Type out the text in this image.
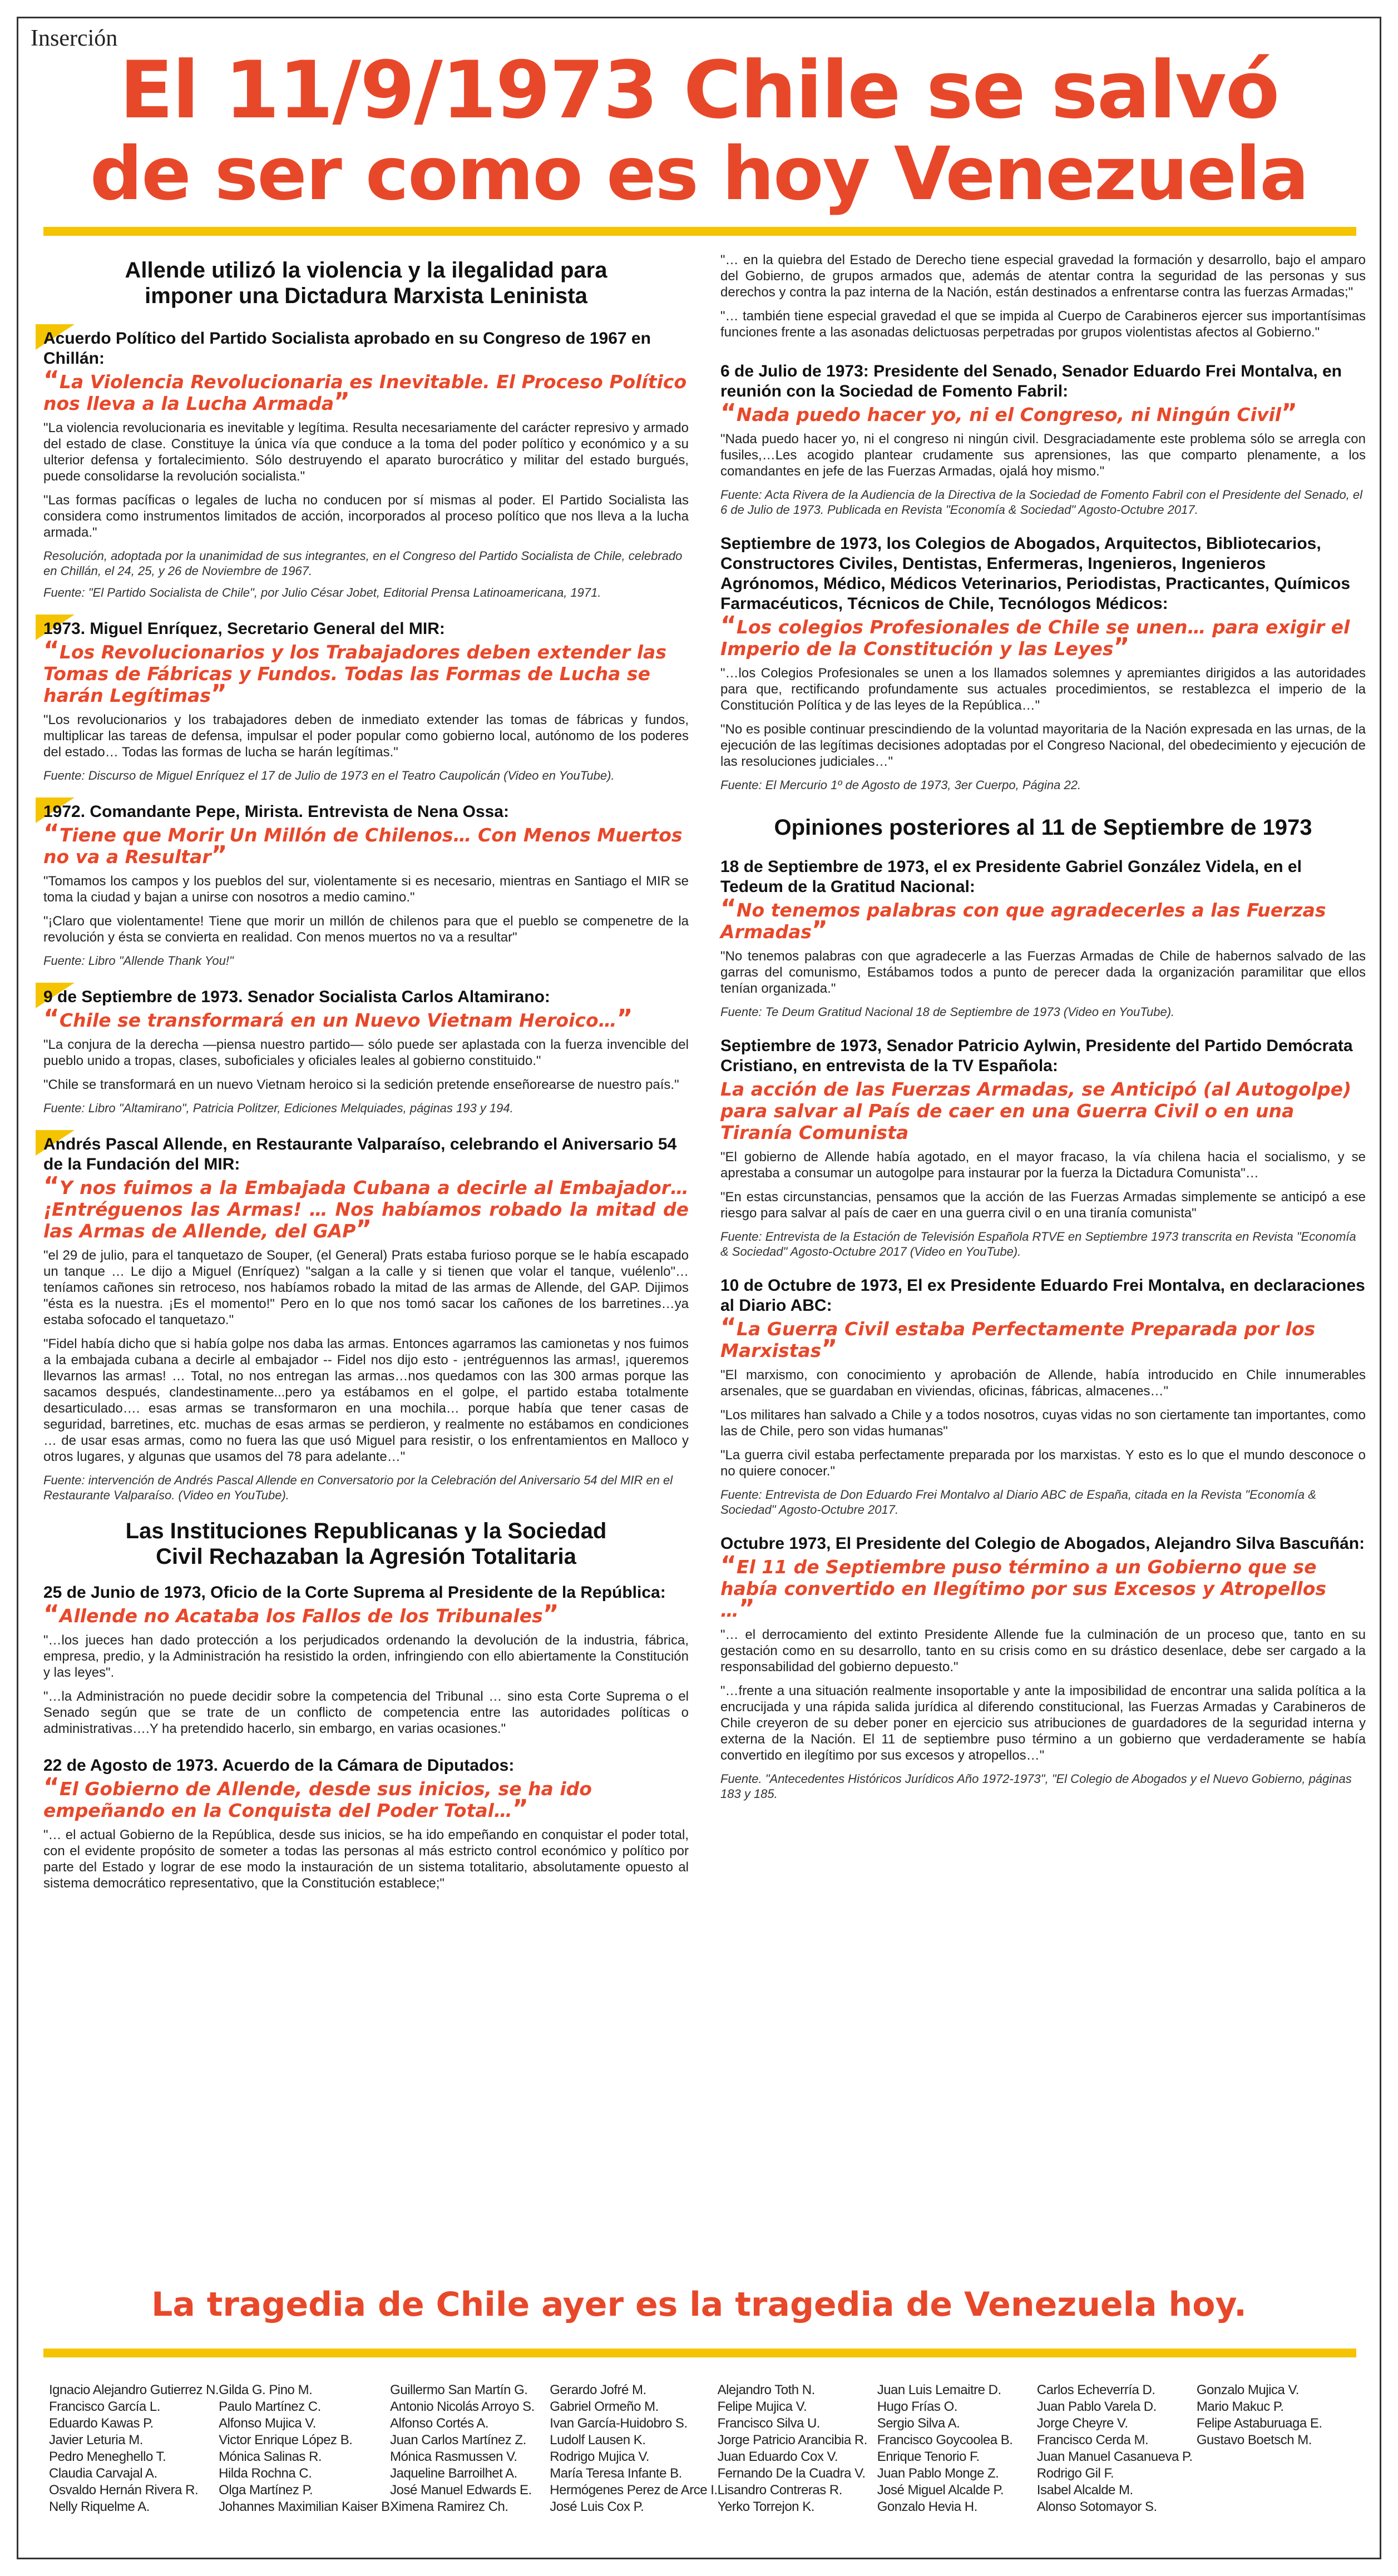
Inserción
El 11/9/1973 Chile se salvó
de ser como es hoy Venezuela
Allende utilizó la violencia y la ilegalidad para imponer una Dictadura Marxista Leninista
Acuerdo Político del Partido Socialista aprobado en su Congreso de 1967 en Chillán:
“La Violencia Revolucionaria es Inevitable. El Proceso Político nos lleva a la Lucha Armada”
"La violencia revolucionaria es inevitable y legítima. Resulta necesariamente del carácter represivo y armado del estado de clase. Constituye la única vía que conduce a la toma del poder político y económico y a su ulterior defensa y fortalecimiento. Sólo destruyendo el aparato burocrático y militar del estado burgués, puede consolidarse la revolución socialista."
"Las formas pacíficas o legales de lucha no conducen por sí mismas al poder. El Partido Socialista las considera como instrumentos limitados de acción, incorporados al proceso político que nos lleva a la lucha armada."
Resolución, adoptada por la unanimidad de sus integrantes, en el Congreso del Partido Socialista de Chile, celebrado en Chillán, el 24, 25, y 26 de Noviembre de 1967.
Fuente: "El Partido Socialista de Chile", por Julio César Jobet, Editorial Prensa Latinoamericana, 1971.
1973. Miguel Enríquez, Secretario General del MIR:
“Los Revolucionarios y los Trabajadores deben extender las Tomas de Fábricas y Fundos. Todas las Formas de Lucha se harán Legítimas”
"Los revolucionarios y los trabajadores deben de inmediato extender las tomas de fábricas y fundos, multiplicar las tareas de defensa, impulsar el poder popular como gobierno local, autónomo de los poderes del estado… Todas las formas de lucha se harán legítimas."
Fuente: Discurso de Miguel Enríquez el 17 de Julio de 1973 en el Teatro Caupolicán (Video en YouTube).
1972. Comandante Pepe, Mirista. Entrevista de Nena Ossa:
“Tiene que Morir Un Millón de Chilenos… Con Menos Muertos no va a Resultar”
"Tomamos los campos y los pueblos del sur, violentamente si es necesario, mientras en Santiago el MIR se toma la ciudad y bajan a unirse con nosotros a medio camino."
"¡Claro que violentamente! Tiene que morir un millón de chilenos para que el pueblo se compenetre de la revolución y ésta se convierta en realidad. Con menos muertos no va a resultar"
Fuente: Libro "Allende Thank You!"
9 de Septiembre de 1973. Senador Socialista Carlos Altamirano:
“Chile se transformará en un Nuevo Vietnam Heroico…”
"La conjura de la derecha —piensa nuestro partido— sólo puede ser aplastada con la fuerza invencible del pueblo unido a tropas, clases, suboficiales y oficiales leales al gobierno constituido."
"Chile se transformará en un nuevo Vietnam heroico si la sedición pretende enseñorearse de nuestro país."
Fuente: Libro "Altamirano", Patricia Politzer, Ediciones Melquiades, páginas 193 y 194.
Andrés Pascal Allende, en Restaurante Valparaíso, celebrando el Aniversario 54 de la Fundación del MIR:
“Y nos fuimos a la Embajada Cubana a decirle al Embajador… ¡Entréguenos las Armas! … Nos habíamos robado la mitad de las Armas de Allende, del GAP”
"el 29 de julio, para el tanquetazo de Souper, (el General) Prats estaba furioso porque se le había escapado un tanque … Le dijo a Miguel (Enríquez) "salgan a la calle y si tienen que volar el tanque, vuélenlo"… teníamos cañones sin retroceso, nos habíamos robado la mitad de las armas de Allende, del GAP. Dijimos "ésta es la nuestra. ¡Es el momento!" Pero en lo que nos tomó sacar los cañones de los barretines…ya estaba sofocado el tanquetazo."
"Fidel había dicho que si había golpe nos daba las armas. Entonces agarramos las camionetas y nos fuimos a la embajada cubana a decirle al embajador -- Fidel nos dijo esto - ¡entréguennos las armas!, ¡queremos llevarnos las armas! … Total, no nos entregan las armas…nos quedamos con las 300 armas porque las sacamos después, clandestinamente...pero ya estábamos en el golpe, el partido estaba totalmente desarticulado…. esas armas se transformaron en una mochila… porque había que tener casas de seguridad, barretines, etc. muchas de esas armas se perdieron, y realmente no estábamos en condiciones … de usar esas armas, como no fuera las que usó Miguel para resistir, o los enfrentamientos en Malloco y otros lugares, y algunas que usamos del 78 para adelante…"
Fuente: intervención de Andrés Pascal Allende en Conversatorio por la Celebración del Aniversario 54 del MIR en el Restaurante Valparaíso. (Video en YouTube).
Las Instituciones Republicanas y la Sociedad Civil Rechazaban la Agresión Totalitaria
25 de Junio de 1973, Oficio de la Corte Suprema al Presidente de la República:
“Allende no Acataba los Fallos de los Tribunales”
"…los jueces han dado protección a los perjudicados ordenando la devolución de la industria, fábrica, empresa, predio, y la Administración ha resistido la orden, infringiendo con ello abiertamente la Constitución y las leyes".
"…la Administración no puede decidir sobre la competencia del Tribunal … sino esta Corte Suprema o el Senado según que se trate de un conflicto de competencia entre las autoridades políticas o administrativas….Y ha pretendido hacerlo, sin embargo, en varias ocasiones."
22 de Agosto de 1973. Acuerdo de la Cámara de Diputados:
“El Gobierno de Allende, desde sus inicios, se ha ido empeñando en la Conquista del Poder Total…”
"… el actual Gobierno de la República, desde sus inicios, se ha ido empeñando en conquistar el poder total, con el evidente propósito de someter a todas las personas al más estricto control económico y político por parte del Estado y lograr de ese modo la instauración de un sistema totalitario, absolutamente opuesto al sistema democrático representativo, que la Constitución establece;"
"… en la quiebra del Estado de Derecho tiene especial gravedad la formación y desarrollo, bajo el amparo del Gobierno, de grupos armados que, además de atentar contra la seguridad de las personas y sus derechos y contra la paz interna de la Nación, están destinados a enfrentarse contra las fuerzas Armadas;"
"… también tiene especial gravedad el que se impida al Cuerpo de Carabineros ejercer sus importantísimas funciones frente a las asonadas delictuosas perpetradas por grupos violentistas afectos al Gobierno."
6 de Julio de 1973: Presidente del Senado, Senador Eduardo Frei Montalva, en reunión con la Sociedad de Fomento Fabril:
“Nada puedo hacer yo, ni el Congreso, ni Ningún Civil”
"Nada puedo hacer yo, ni el congreso ni ningún civil. Desgraciadamente este problema sólo se arregla con fusiles,…Les acogido plantear crudamente sus aprensiones, las que comparto plenamente, a los comandantes en jefe de las Fuerzas Armadas, ojalá hoy mismo."
Fuente: Acta Rivera de la Audiencia de la Directiva de la Sociedad de Fomento Fabril con el Presidente del Senado, el 6 de Julio de 1973. Publicada en Revista "Economía & Sociedad" Agosto-Octubre 2017.
Septiembre de 1973, los Colegios de Abogados, Arquitectos, Bibliotecarios, Constructores Civiles, Dentistas, Enfermeras, Ingenieros, Ingenieros Agrónomos, Médico, Médicos Veterinarios, Periodistas, Practicantes, Químicos Farmacéuticos, Técnicos de Chile, Tecnólogos Médicos:
“Los colegios Profesionales de Chile se unen… para exigir el Imperio de la Constitución y las Leyes”
"…los Colegios Profesionales se unen a los llamados solemnes y apremiantes dirigidos a las autoridades para que, rectificando profundamente sus actuales procedimientos, se restablezca el imperio de la Constitución Política y de las leyes de la República…"
"No es posible continuar prescindiendo de la voluntad mayoritaria de la Nación expresada en las urnas, de la ejecución de las legítimas decisiones adoptadas por el Congreso Nacional, del obedecimiento y ejecución de las resoluciones judiciales…"
Fuente: El Mercurio 1º de Agosto de 1973, 3er Cuerpo, Página 22.
Opiniones posteriores al 11 de Septiembre de 1973
18 de Septiembre de 1973, el ex Presidente Gabriel González Videla, en el Tedeum de la Gratitud Nacional:
“No tenemos palabras con que agradecerles a las Fuerzas Armadas”
"No tenemos palabras con que agradecerle a las Fuerzas Armadas de Chile de habernos salvado de las garras del comunismo, Estábamos todos a punto de perecer dada la organización paramilitar que ellos tenían organizada."
Fuente: Te Deum Gratitud Nacional 18 de Septiembre de 1973 (Video en YouTube).
Septiembre de 1973, Senador Patricio Aylwin, Presidente del Partido Demócrata Cristiano, en entrevista de la TV Española:
La acción de las Fuerzas Armadas, se Anticipó (al Autogolpe) para salvar al País de caer en una Guerra Civil o en una Tiranía Comunista
"El gobierno de Allende había agotado, en el mayor fracaso, la vía chilena hacia el socialismo, y se aprestaba a consumar un autogolpe para instaurar por la fuerza la Dictadura Comunista"…
"En estas circunstancias, pensamos que la acción de las Fuerzas Armadas simplemente se anticipó a ese riesgo para salvar al país de caer en una guerra civil o en una tiranía comunista"
Fuente: Entrevista de la Estación de Televisión Española RTVE en Septiembre 1973 transcrita en Revista "Economía & Sociedad" Agosto-Octubre 2017 (Video en YouTube).
10 de Octubre de 1973, El ex Presidente Eduardo Frei Montalva, en declaraciones al Diario ABC:
“La Guerra Civil estaba Perfectamente Preparada por los Marxistas”
"El marxismo, con conocimiento y aprobación de Allende, había introducido en Chile innumerables arsenales, que se guardaban en viviendas, oficinas, fábricas, almacenes…"
"Los militares han salvado a Chile y a todos nosotros, cuyas vidas no son ciertamente tan importantes, como las de Chile, pero son vidas humanas"
"La guerra civil estaba perfectamente preparada por los marxistas. Y esto es lo que el mundo desconoce o no quiere conocer."
Fuente: Entrevista de Don Eduardo Frei Montalvo al Diario ABC de España, citada en la Revista "Economía & Sociedad" Agosto-Octubre 2017.
Octubre 1973, El Presidente del Colegio de Abogados, Alejandro Silva Bascuñán:
“El 11 de Septiembre puso término a un Gobierno que se había convertido en Ilegítimo por sus Excesos y Atropellos …”
"… el derrocamiento del extinto Presidente Allende fue la culminación de un proceso que, tanto en su gestación como en su desarrollo, tanto en su crisis como en su drástico desenlace, debe ser cargado a la responsabilidad del gobierno depuesto."
"…frente a una situación realmente insoportable y ante la imposibilidad de encontrar una salida política a la encrucijada y una rápida salida jurídica al diferendo constitucional, las Fuerzas Armadas y Carabineros de Chile creyeron de su deber poner en ejercicio sus atribuciones de guardadores de la seguridad interna y externa de la Nación. El 11 de septiembre puso término a un gobierno que verdaderamente se había convertido en ilegítimo por sus excesos y atropellos…"
Fuente. "Antecedentes Históricos Jurídicos Año 1972-1973", "El Colegio de Abogados y el Nuevo Gobierno, páginas 183 y 185.
La tragedia de Chile ayer es la tragedia de Venezuela hoy.
Ignacio Alejandro Gutierrez N.
Francisco García L.
Eduardo Kawas P.
Javier Leturia M.
Pedro Meneghello T.
Claudia Carvajal A.
Osvaldo Hernán Rivera R.
Nelly Riquelme A.
Gilda G. Pino M.
Paulo Martínez C.
Alfonso Mujica V.
Victor Enrique López B.
Mónica Salinas R.
Hilda Rochna C.
Olga Martínez P.
Johannes Maximilian Kaiser B.
Guillermo San Martín G.
Antonio Nicolás Arroyo S.
Alfonso Cortés A.
Juan Carlos Martínez Z.
Mónica Rasmussen V.
Jaqueline Barroilhet A.
José Manuel Edwards E.
Ximena Ramirez Ch.
Gerardo Jofré M.
Gabriel Ormeño M.
Ivan García-Huidobro S.
Ludolf Lausen K.
Rodrigo Mujica V.
María Teresa Infante B.
Hermógenes Perez de Arce I.
José Luis Cox P.
Alejandro Toth N.
Felipe Mujica V.
Francisco Silva U.
Jorge Patricio Arancibia R.
Juan Eduardo Cox V.
Fernando De la Cuadra V.
Lisandro Contreras R.
Yerko Torrejon K.
Juan Luis Lemaitre D.
Hugo Frías O.
Sergio Silva A.
Francisco Goycoolea B.
Enrique Tenorio F.
Juan Pablo Monge Z.
José Miguel Alcalde P.
Gonzalo Hevia H.
Carlos Echeverría D.
Juan Pablo Varela D.
Jorge Cheyre V.
Francisco Cerda M.
Juan Manuel Casanueva P.
Rodrigo Gil F.
Isabel Alcalde M.
Alonso Sotomayor S.
Gonzalo Mujica V.
Mario Makuc P.
Felipe Astaburuaga E.
Gustavo Boetsch M.
